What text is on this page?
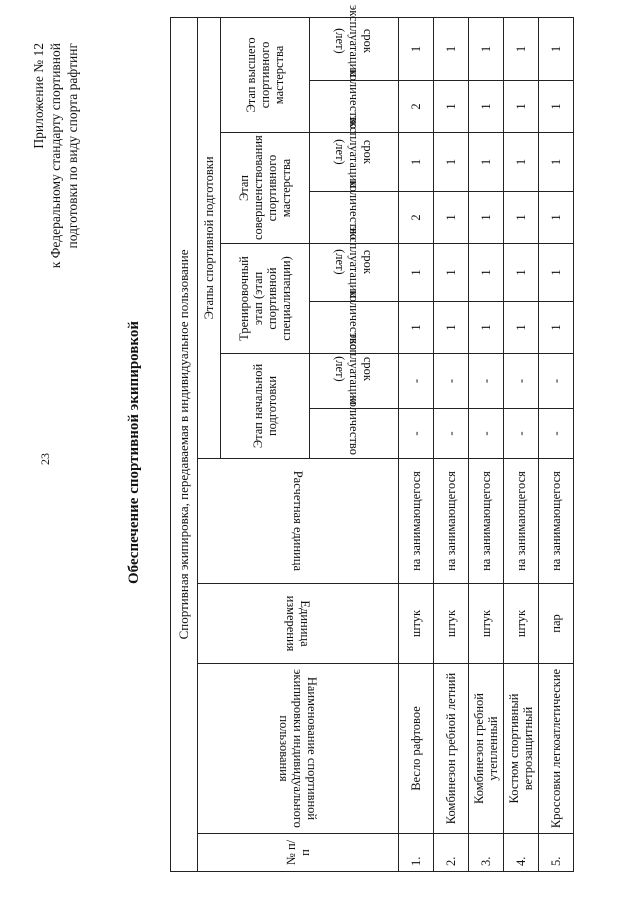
23
Приложение № 12 к Федеральному стандарту спортивной подготовки по виду спорта рафтинг
Обеспечение спортивной экипировкой	Спортивная экипировка, передаваемая в индивидуальное пользование											
№ п/п	Наименование спортивной экипировки индивидуального пользования	Единица измерения	Расчетная единица	Этапы спортивной подготовки							
				Этап начальной подготовки		Тренировочный этап (этап спортивной специализации)		Этап совершенствования спортивного мастерства		Этап высшего спортивного мастерства	
				количество	срок эксплуатации (лет)	количество	срок эксплуатации (лет)	количество	срок эксплуатации (лет)	количество	срок эксплуатации (лет)
1.	Весло рафтовое	штук	на занимающегося	-	-	1	1	2	1	2	1
2.	Комбинезон гребной летний	штук	на занимающегося	-	-	1	1	1	1	1	1
3.	Комбинезон гребной утепленный	штук	на занимающегося	-	-	1	1	1	1	1	1
4.	Костюм спортивный ветрозащитный	штук	на занимающегося	-	-	1	1	1	1	1	1
5.	Кроссовки легкоатлетические	пар	на занимающегося	-	-	1	1	1	1	1	1
